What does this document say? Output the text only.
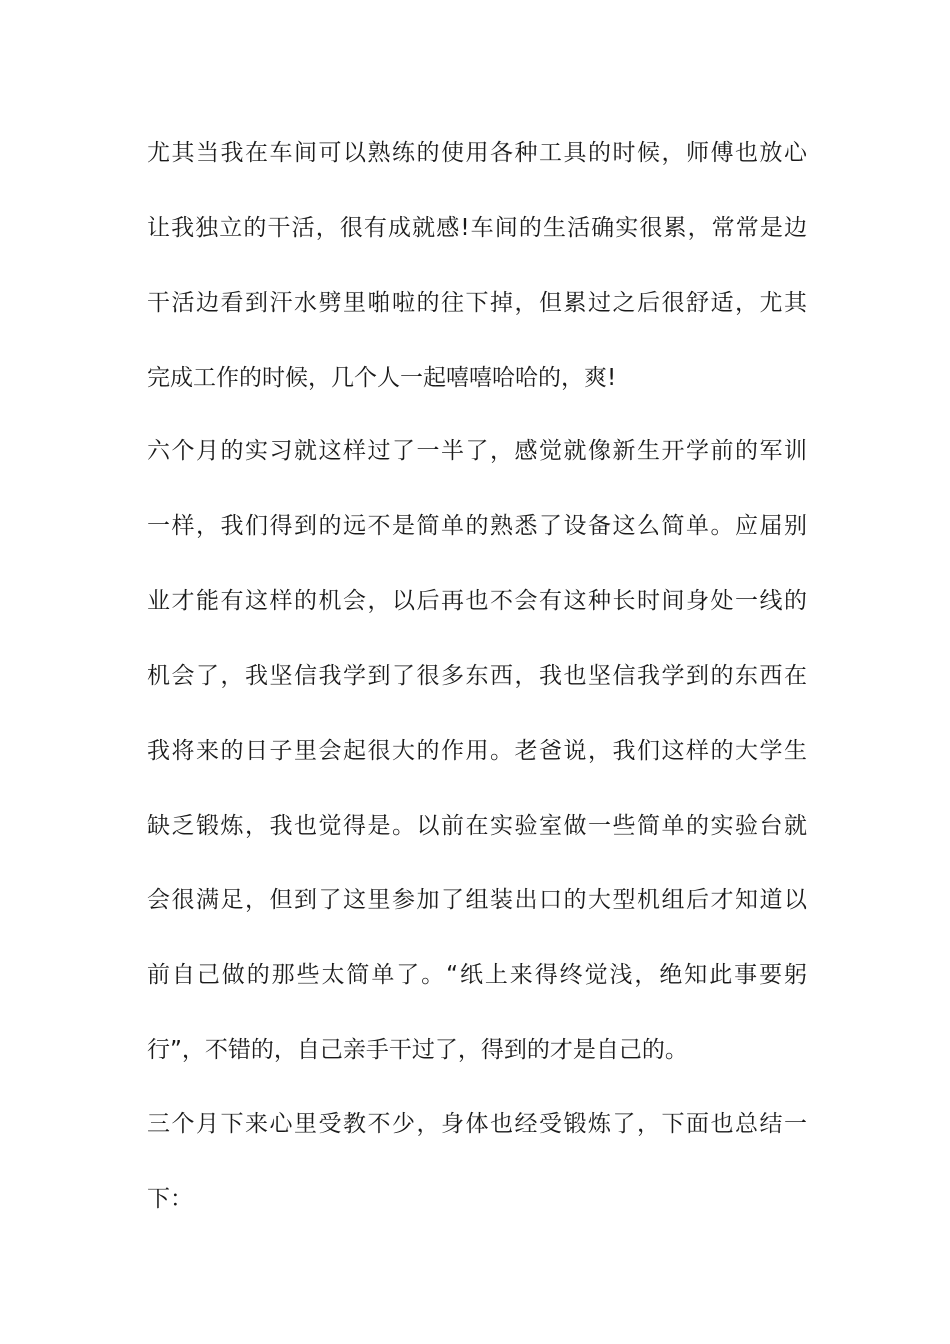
尤其当我在车间可以熟练的使用各种工具的时候，师傅也放心
让我独立的干活，很有成就感!车间的生活确实很累，常常是边
干活边看到汗水劈里啪啦的往下掉，但累过之后很舒适，尤其
完成工作的时候，几个人一起嘻嘻哈哈的，爽!
六个月的实习就这样过了一半了，感觉就像新生开学前的军训
一样，我们得到的远不是简单的熟悉了设备这么简单。应届别
业才能有这样的机会，以后再也不会有这种长时间身处一线的
机会了，我坚信我学到了很多东西，我也坚信我学到的东西在
我将来的日子里会起很大的作用。老爸说，我们这样的大学生
缺乏锻炼，我也觉得是。以前在实验室做一些简单的实验台就
会很满足，但到了这里参加了组装出口的大型机组后才知道以
前自己做的那些太简单了。“纸上来得终觉浅，绝知此事要躬
行”，不错的，自己亲手干过了，得到的才是自己的。
三个月下来心里受教不少，身体也经受锻炼了，下面也总结一
下：
